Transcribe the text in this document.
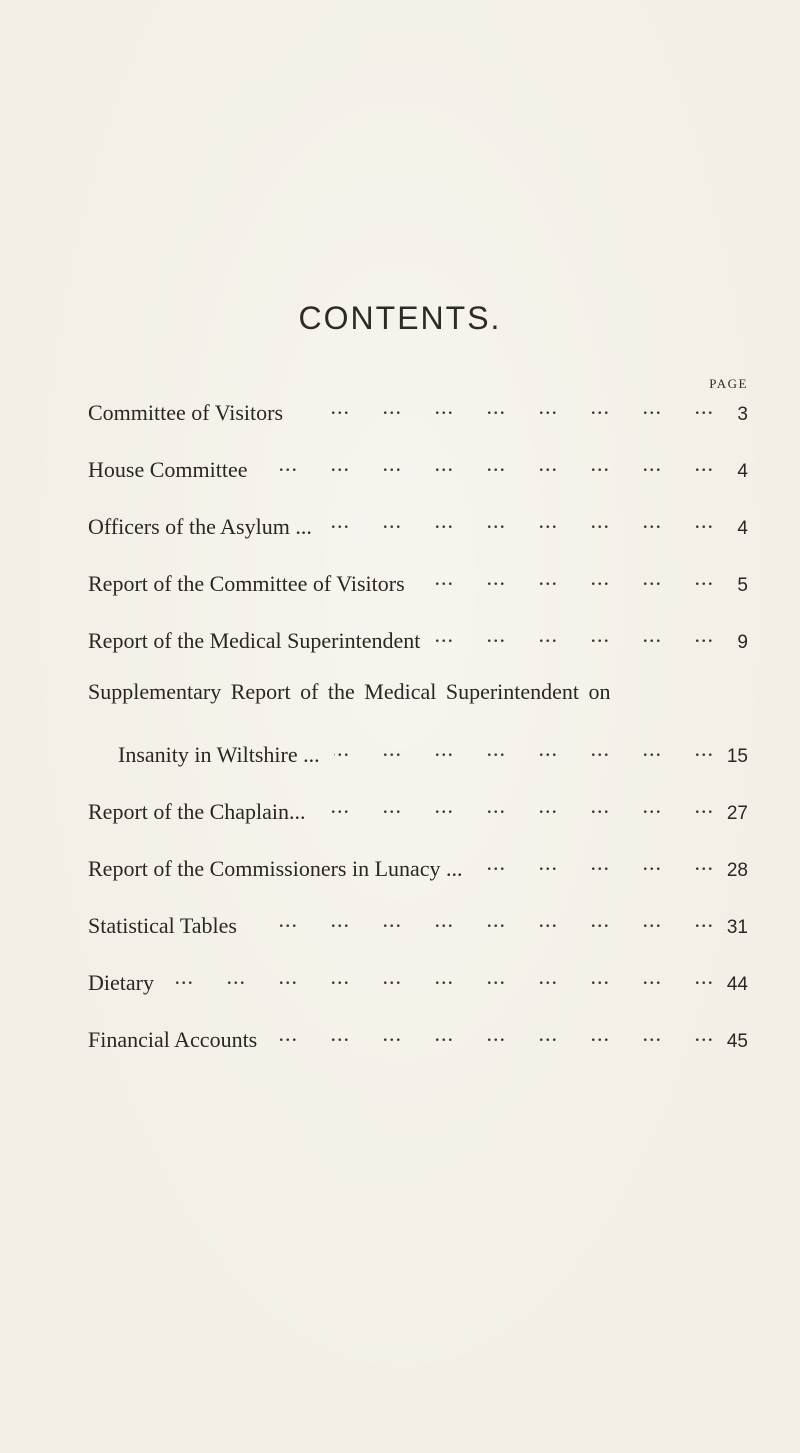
CONTENTS.
PAGE
Committee of Visitors ...	3
House Committee ...	4
Officers of the Asylum ... ...	4
Report of the Committee of Visitors ...	5
Report of the Medical Superintendent ...	9
Supplementary Report of the Medical Superintendent on
Insanity in Wiltshire ... ...	15
Report of the Chaplain... ...	27
Report of the Commissioners in Lunacy ... ...	28
Statistical Tables ...	31
Dietary ...	44
Financial Accounts ...	45
